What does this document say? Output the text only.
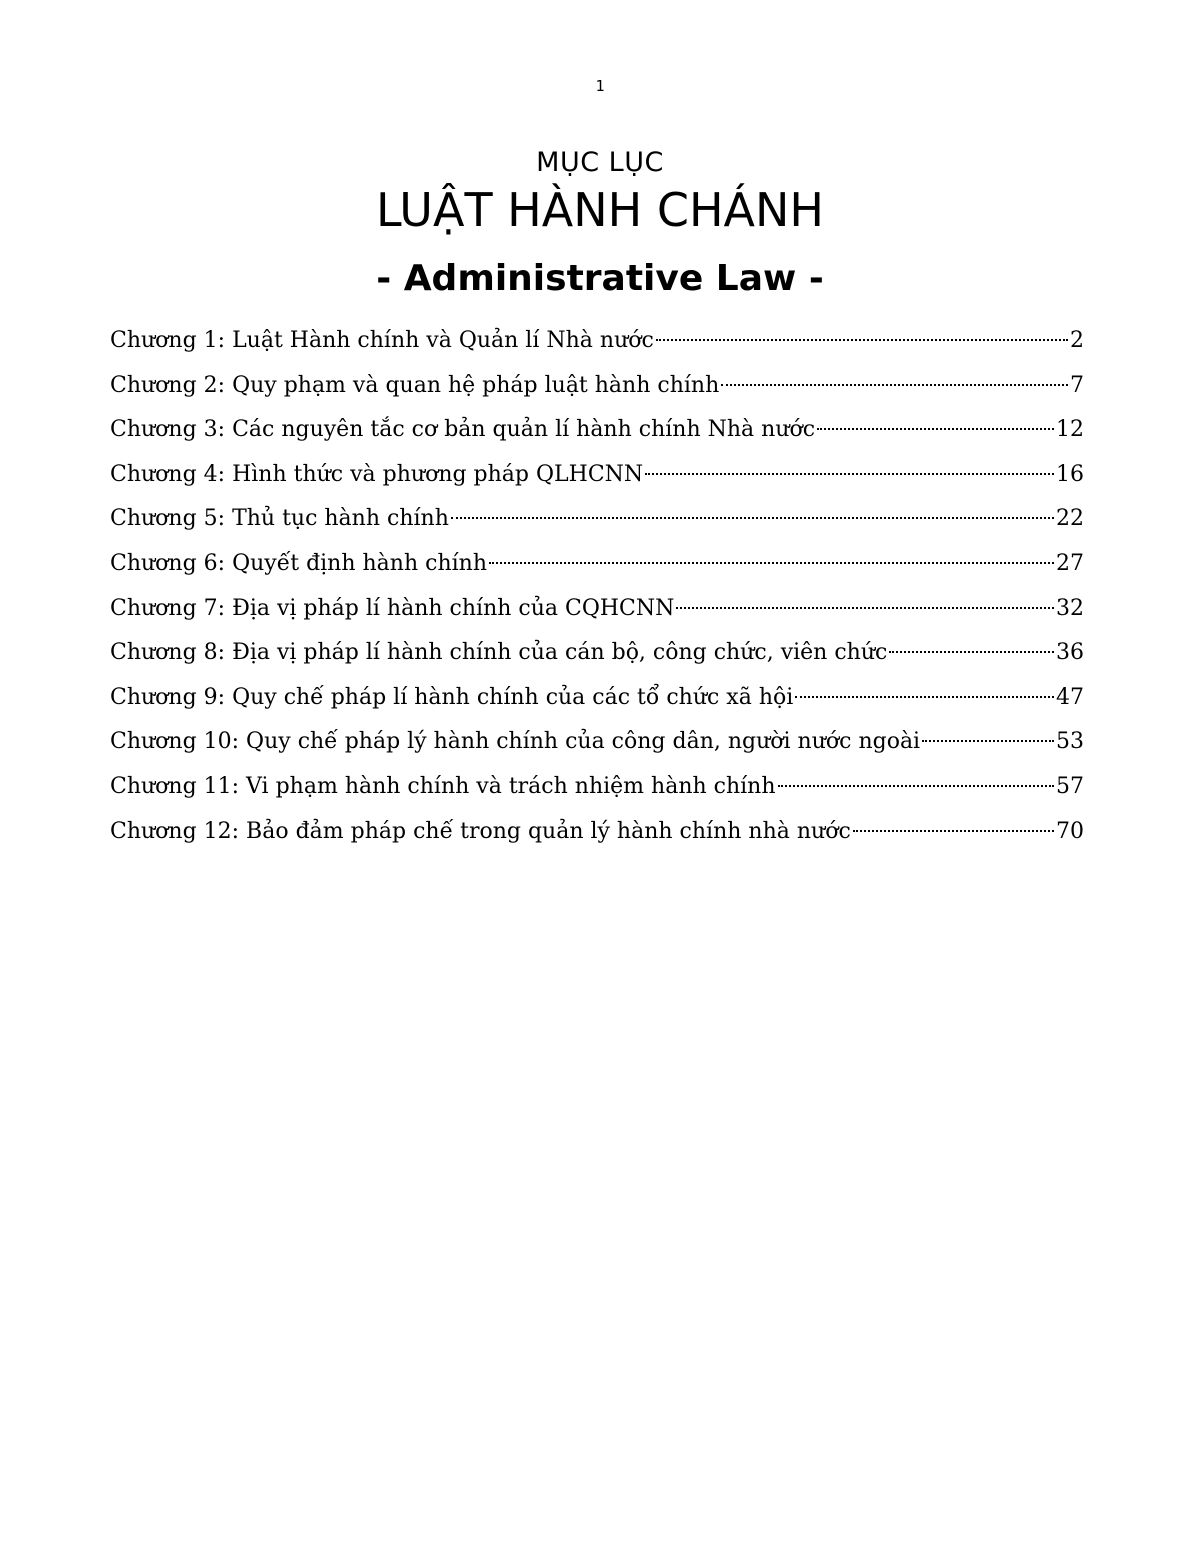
1
MỤC LỤC
LUẬT HÀNH CHÁNH
- Administrative Law -
Chương 1: Luật Hành chính và Quản lí Nhà nước	2
Chương 2: Quy phạm và quan hệ pháp luật hành chính	7
Chương 3: Các nguyên tắc cơ bản quản lí hành chính Nhà nước	12
Chương 4: Hình thức và phương pháp QLHCNN	16
Chương 5: Thủ tục hành chính	22
Chương 6: Quyết định hành chính	27
Chương 7: Địa vị pháp lí hành chính của CQHCNN	32
Chương 8: Địa vị pháp lí hành chính của cán bộ, công chức, viên chức	36
Chương 9: Quy chế pháp lí hành chính của các tổ chức xã hội	47
Chương 10: Quy chế pháp lý hành chính của công dân, người nước ngoài	53
Chương 11: Vi phạm hành chính và trách nhiệm hành chính	57
Chương 12: Bảo đảm pháp chế trong quản lý hành chính nhà nước	70
